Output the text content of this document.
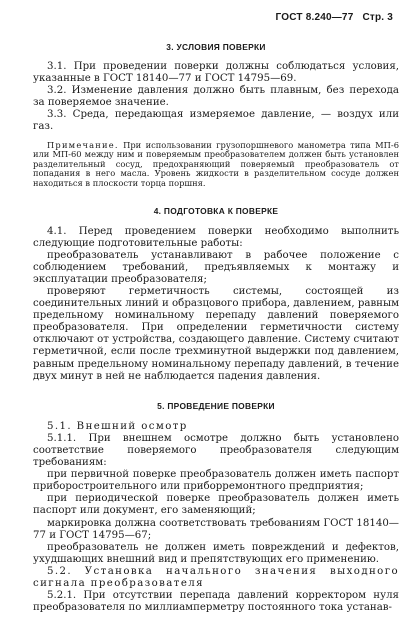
ГОСТ 8.240—77 Стр. 3
3. УСЛОВИЯ ПОВЕРКИ

3.1. При проведении поверки должны соблюдаться условия, указанные в ГОСТ 18140—77 и ГОСТ 14795—69.

3.2. Изменение давления должно быть плавным, без перехода за поверяемое значение.

3.3. Среда, передающая измеряемое давление, — воздух или газ.

Примечание. При использовании грузопоршневого манометра типа МП-6 или МП-60 между ним и поверяемым преобразователем должен быть установлен разделительный сосуд, предохраняющий поверяемый преобразователь от попадания в него масла. Уровень жидкости в разделительном сосуде должен находиться в плоскости торца поршня.
4. ПОДГОТОВКА К ПОВЕРКЕ

4.1. Перед проведением поверки необходимо выполнить следующие подготовительные работы:

преобразователь устанавливают в рабочее положение с соблюдением требований, предъявляемых к монтажу и эксплуатации преобразователя;

проверяют герметичность системы, состоящей из соединительных линий и образцового прибора, давлением, равным предельному номинальному перепаду давлений поверяемого преобразователя. При определении герметичности систему отключают от устройства, создающего давление. Систему считают герметичной, если после трехминутной выдержки под давлением, равным предельному номинальному перепаду давлений, в течение двух минут в ней не наблюдается падения давления.

5. ПРОВЕДЕНИЕ ПОВЕРКИ

5.1. Внешний осмотр

5.1.1. При внешнем осмотре должно быть установлено соответствие поверяемого преобразователя следующим требованиям:

при первичной поверке преобразователь должен иметь паспорт приборостроительного или приборремонтного предприятия;

при периодической поверке преобразователь должен иметь паспорт или документ, его заменяющий;

маркировка должна соответствовать требованиям ГОСТ 18140—77 и ГОСТ 14795—67;

преобразователь не должен иметь повреждений и дефектов, ухудшающих внешний вид и препятствующих его применению.

5.2. Установка начального значения выходного сигнала преобразователя

5.2.1. При отсутствии перепада давлений корректором нуля преобразователя по миллиамперметру постоянного тока устанав-
